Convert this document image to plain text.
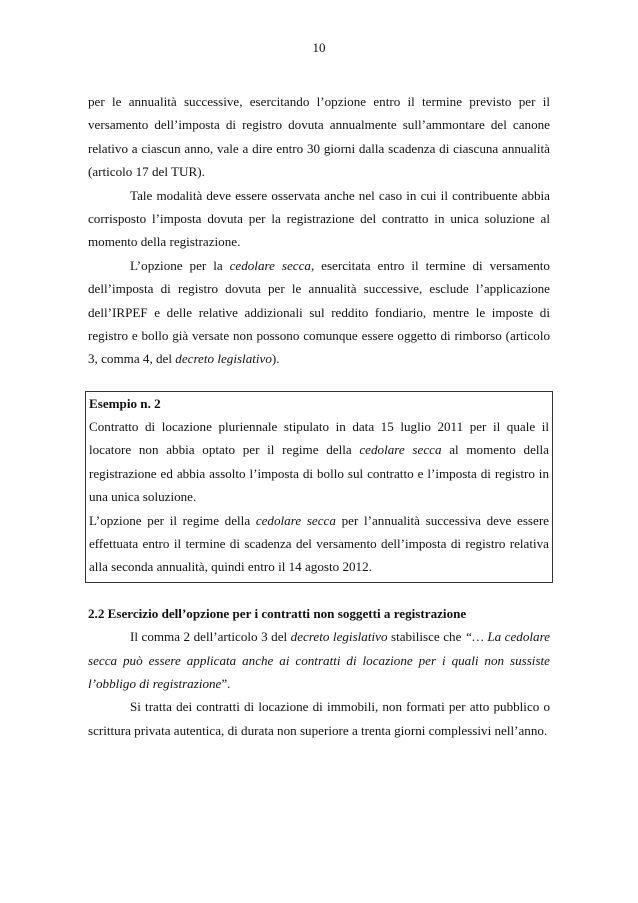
10

per le annualità successive, esercitando l’opzione entro il termine previsto per il versamento dell’imposta di registro dovuta annualmente sull’ammontare del canone relativo a ciascun anno, vale a dire entro 30 giorni dalla scadenza di ciascuna annualità (articolo 17 del TUR).

Tale modalità deve essere osservata anche nel caso in cui il contribuente abbia corrisposto l’imposta dovuta per la registrazione del contratto in unica soluzione al momento della registrazione.

L’opzione per la cedolare secca, esercitata entro il termine di versamento dell’imposta di registro dovuta per le annualità successive, esclude l’applicazione dell’IRPEF e delle relative addizionali sul reddito fondiario, mentre le imposte di registro e bollo già versate non possono comunque essere oggetto di rimborso (articolo 3, comma 4, del decreto legislativo).

Esempio n. 2

Contratto di locazione pluriennale stipulato in data 15 luglio 2011 per il quale il locatore non abbia optato per il regime della cedolare secca al momento della registrazione ed abbia assolto l’imposta di bollo sul contratto e l’imposta di registro in una unica soluzione.

L’opzione per il regime della cedolare secca per l’annualità successiva deve essere effettuata entro il termine di scadenza del versamento dell’imposta di registro relativa alla seconda annualità, quindi entro il 14 agosto 2012.

2.2 Esercizio dell’opzione per i contratti non soggetti a registrazione

Il comma 2 dell’articolo 3 del decreto legislativo stabilisce che “… La cedolare secca può essere applicata anche ai contratti di locazione per i quali non sussiste l’obbligo di registrazione”.

Si tratta dei contratti di locazione di immobili, non formati per atto pubblico o scrittura privata autentica, di durata non superiore a trenta giorni complessivi nell’anno.
